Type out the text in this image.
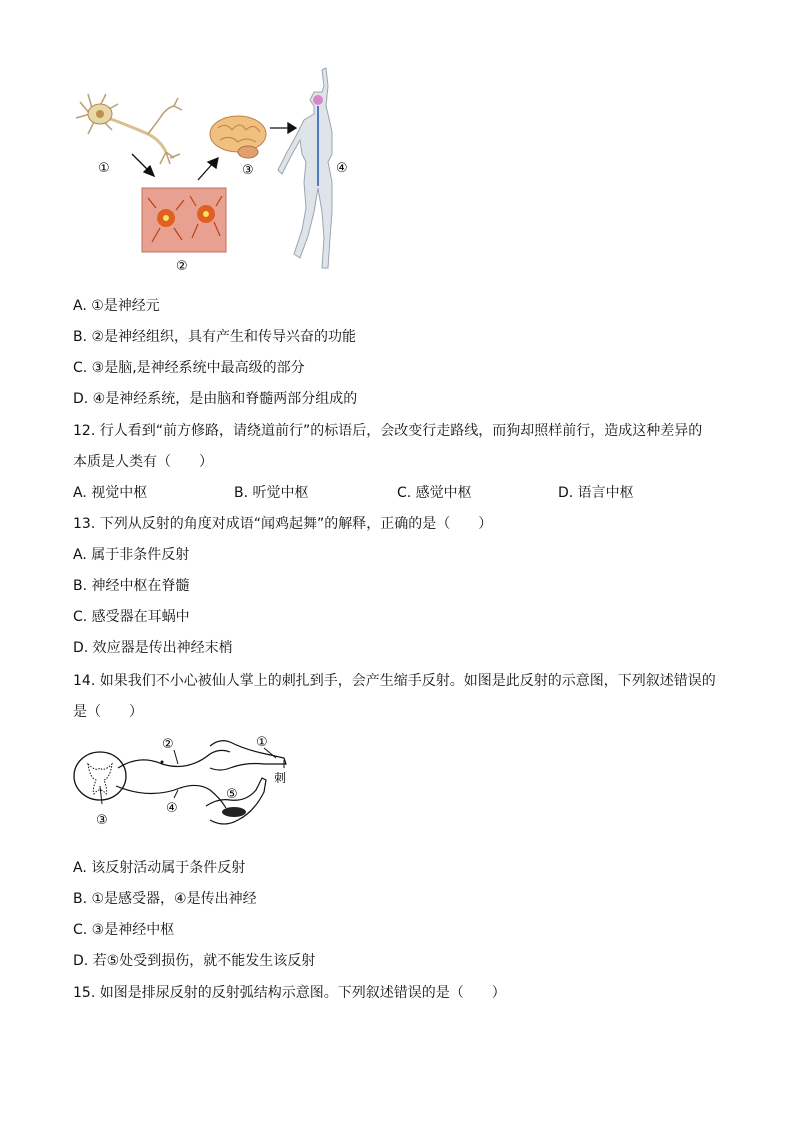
①
②
③	④
A. ①是神经元
B. ②是神经组织，具有产生和传导兴奋的功能
C. ③是脑,是神经系统中最高级的部分
D. ④是神经系统，是由脑和脊髓两部分组成的
12. 行人看到“前方修路，请绕道前行”的标语后，会改变行走路线，而狗却照样前行，造成这种差异的
本质是人类有（　　）
A. 视觉中枢	B. 听觉中枢	C. 感觉中枢	D. 语言中枢
13. 下列从反射的角度对成语“闻鸡起舞”的解释，正确的是（　　）
A. 属于非条件反射
B. 神经中枢在脊髓
C. 感受器在耳蜗中
D. 效应器是传出神经末梢
14. 如果我们不小心被仙人掌上的刺扎到手，会产生缩手反射。如图是此反射的示意图，下列叙述错误的
是（　　）
③
②	①
刺
④
⑤
A. 该反射活动属于条件反射
B. ①是感受器，④是传出神经
C. ③是神经中枢
D. 若⑤处受到损伤，就不能发生该反射
15. 如图是排尿反射的反射弧结构示意图。下列叙述错误的是（　　）
